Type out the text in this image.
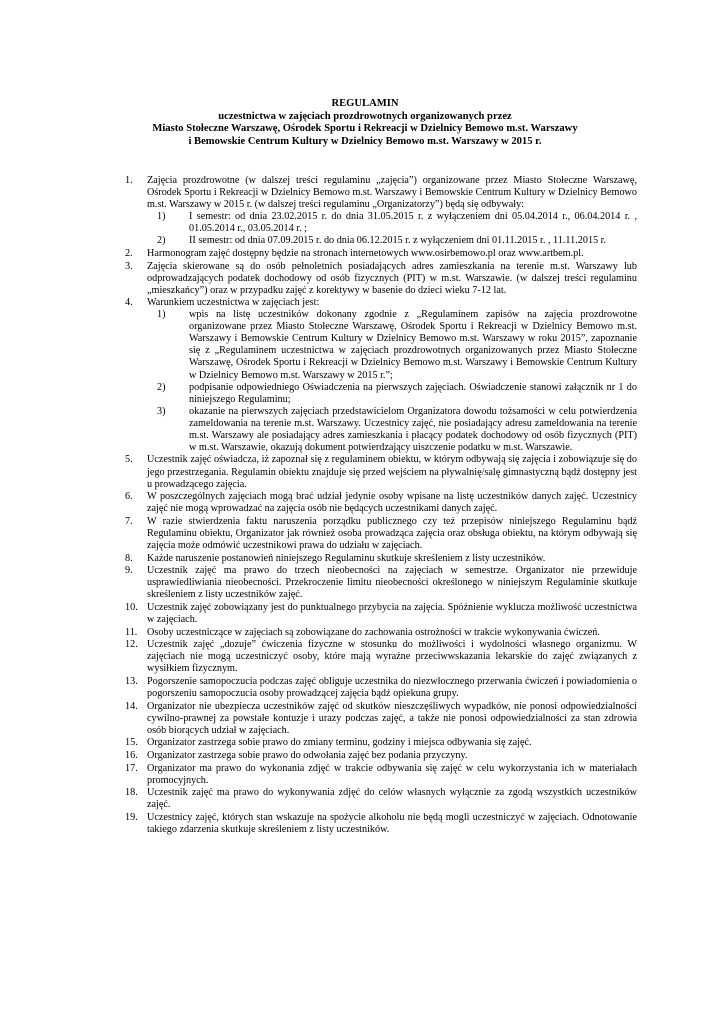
REGULAMIN
uczestnictwa w zajęciach prozdrowotnych organizowanych przez
Miasto Stołeczne Warszawę, Ośrodek Sportu i Rekreacji w Dzielnicy Bemowo m.st. Warszawy
i Bemowskie Centrum Kultury w Dzielnicy Bemowo m.st. Warszawy w 2015 r.
1. Zajęcia prozdrowotne (w dalszej treści regulaminu „zajęcia”) organizowane przez Miasto Stołeczne Warszawę, Ośrodek Sportu i Rekreacji w Dzielnicy Bemowo m.st. Warszawy i Bemowskie Centrum Kultury w Dzielnicy Bemowo m.st. Warszawy w 2015 r. (w dalszej treści regulaminu „Organizatorzy”) będą się odbywały:
1) I semestr: od dnia 23.02.2015 r. do dnia 31.05.2015 r. z wyłączeniem dni 05.04.2014 r., 06.04.2014 r. , 01.05.2014 r., 03.05.2014 r. ;
2) II semestr: od dnia 07.09.2015 r. do dnia 06.12.2015 r. z wyłączeniem dni 01.11.2015 r. , 11.11.2015 r.
2. Harmonogram zajęć dostępny będzie na stronach internetowych www.osirbemowo.pl oraz www.artbem.pl.
3. Zajęcia skierowane są do osób pełnoletnich posiadających adres zamieszkania na terenie m.st. Warszawy lub odprowadzających podatek dochodowy od osób fizycznych (PIT) w m.st. Warszawie. (w dalszej treści regulaminu „mieszkańcy”) oraz w przypadku zajęć z korektywy w basenie do dzieci wieku 7-12 lat.
4. Warunkiem uczestnictwa w zajęciach jest:
1) wpis na listę uczestników dokonany zgodnie z „Regulaminem zapisów na zajęcia prozdrowotne organizowane przez Miasto Stołeczne Warszawę, Ośrodek Sportu i Rekreacji w Dzielnicy Bemowo m.st. Warszawy i Bemowskie Centrum Kultury w Dzielnicy Bemowo m.st. Warszawy w roku 2015”, zapoznanie się z „Regulaminem uczestnictwa w zajęciach prozdrowotnych organizowanych przez Miasto Stołeczne Warszawę, Ośrodek Sportu i Rekreacji w Dzielnicy Bemowo m.st. Warszawy i Bemowskie Centrum Kultury w Dzielnicy Bemowo m.st. Warszawy w 2015 r.”;
2) podpisanie odpowiedniego Oświadczenia na pierwszych zajęciach. Oświadczenie stanowi załącznik nr 1 do niniejszego Regulaminu;
3) okazanie na pierwszych zajęciach przedstawicielom Organizatora dowodu tożsamości w celu potwierdzenia zameldowania na terenie m.st. Warszawy. Uczestnicy zajęć, nie posiadający adresu zameldowania na terenie m.st. Warszawy ale posiadający adres zamieszkania i płacący podatek dochodowy od osób fizycznych (PIT) w m.st. Warszawie, okazują dokument potwierdzający uiszczenie podatku w m.st. Warszawie.
5. Uczestnik zajęć oświadcza, iż zapoznał się z regulaminem obiektu, w którym odbywają się zajęcia i zobowiązuje się do jego przestrzegania. Regulamin obiektu znajduje się przed wejściem na pływalnię/salę gimnastyczną bądź dostępny jest u prowadzącego zajęcia.
6. W poszczególnych zajęciach mogą brać udział jedynie osoby wpisane na listę uczestników danych zajęć. Uczestnicy zajęć nie mogą wprowadzać na zajęcia osób nie będących uczestnikami danych zajęć.
7. W razie stwierdzenia faktu naruszenia porządku publicznego czy też przepisów niniejszego Regulaminu bądź Regulaminu obiektu, Organizator jak również osoba prowadząca zajęcia oraz obsługa obiektu, na którym odbywają się zajęcia może odmówić uczestnikowi prawa do udziału w zajęciach.
8. Każde naruszenie postanowień niniejszego Regulaminu skutkuje skreśleniem z listy uczestników.
9. Uczestnik zajęć ma prawo do trzech nieobecności na zajęciach w semestrze. Organizator nie przewiduje usprawiedliwiania nieobecności. Przekroczenie limitu nieobecności określonego w niniejszym Regulaminie skutkuje skreśleniem z listy uczestników zajęć.
10. Uczestnik zajęć zobowiązany jest do punktualnego przybycia na zajęcia. Spóźnienie wyklucza możliwość uczestnictwa w zajęciach.
11. Osoby uczestniczące w zajęciach są zobowiązane do zachowania ostrożności w trakcie wykonywania ćwiczeń.
12. Uczestnik zajęć „dozuje” ćwiczenia fizyczne w stosunku do możliwości i wydolności własnego organizmu. W zajęciach nie mogą uczestniczyć osoby, które mają wyraźne przeciwwskazania lekarskie do zajęć związanych z wysiłkiem fizycznym.
13. Pogorszenie samopoczucia podczas zajęć obliguje uczestnika do niezwłocznego przerwania ćwiczeń i powiadomienia o pogorszeniu samopoczucia osoby prowadzącej zajęcia bądź opiekuna grupy.
14. Organizator nie ubezpiecza uczestników zajęć od skutków nieszczęśliwych wypadków, nie ponosi odpowiedzialności cywilno-prawnej za powstałe kontuzje i urazy podczas zajęć, a także nie ponosi odpowiedzialności za stan zdrowia osób biorących udział w zajęciach.
15. Organizator zastrzega sobie prawo do zmiany terminu, godziny i miejsca odbywania się zajęć.
16. Organizator zastrzega sobie prawo do odwołania zajęć bez podania przyczyny.
17. Organizator ma prawo do wykonania zdjęć w trakcie odbywania się zajęć w celu wykorzystania ich w materiałach promocyjnych.
18. Uczestnik zajęć ma prawo do wykonywania zdjęć do celów własnych wyłącznie za zgodą wszystkich uczestników zajęć.
19. Uczestnicy zajęć, których stan wskazuje na spożycie alkoholu nie będą mogli uczestniczyć w zajęciach. Odnotowanie takiego zdarzenia skutkuje skreśleniem z listy uczestników.
